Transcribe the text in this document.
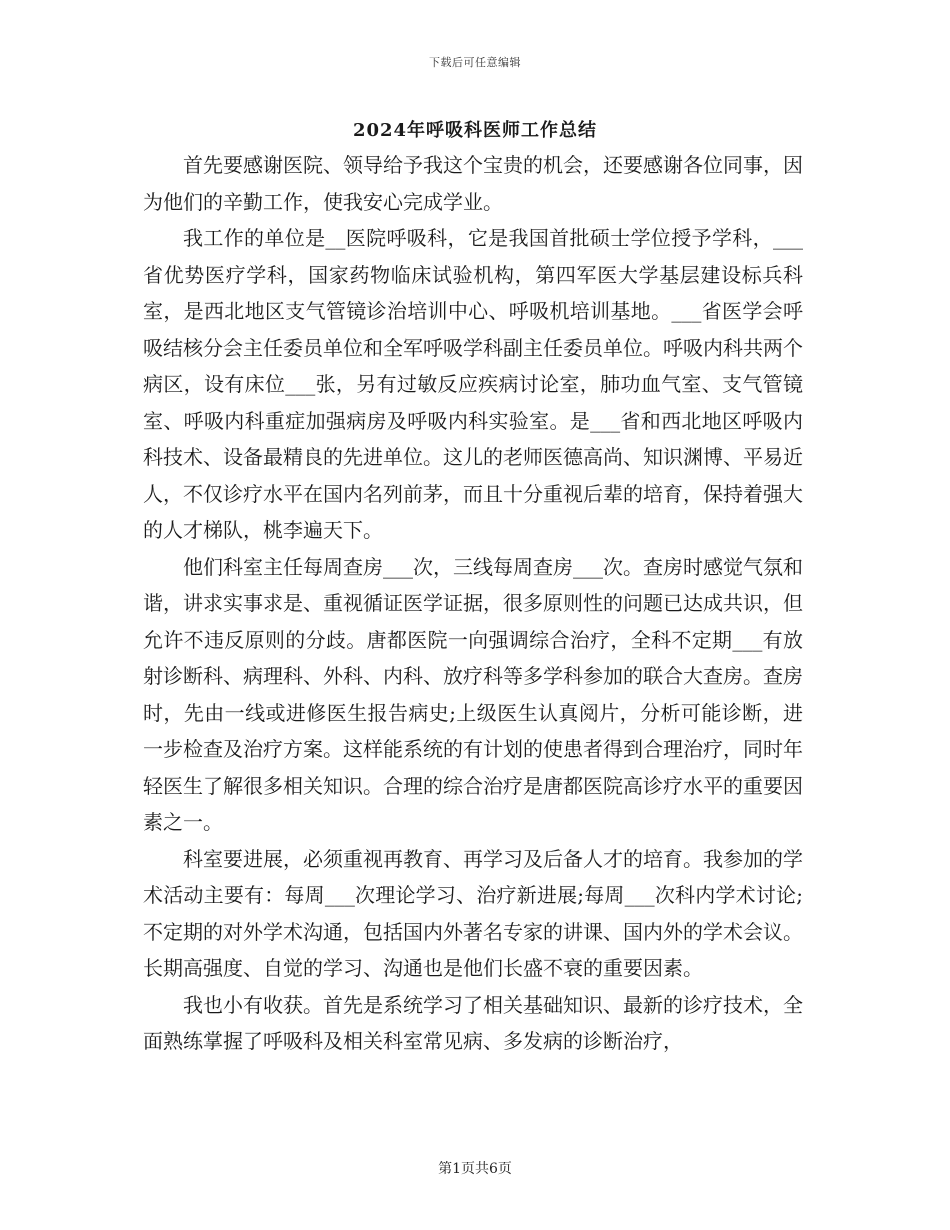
下载后可任意编辑
2024年呼吸科医师工作总结

首先要感谢医院、领导给予我这个宝贵的机会，还要感谢各位同事，因为他们的辛勤工作，使我安心完成学业。

我工作的单位是__医院呼吸科，它是我国首批硕士学位授予学科，___省优势医疗学科，国家药物临床试验机构，第四军医大学基层建设标兵科室，是西北地区支气管镜诊治培训中心、呼吸机培训基地。___省医学会呼吸结核分会主任委员单位和全军呼吸学科副主任委员单位。呼吸内科共两个病区，设有床位___张，另有过敏反应疾病讨论室，肺功血气室、支气管镜室、呼吸内科重症加强病房及呼吸内科实验室。是___省和西北地区呼吸内科技术、设备最精良的先进单位。这儿的老师医德高尚、知识渊博、平易近人，不仅诊疗水平在国内名列前茅，而且十分重视后辈的培育，保持着强大的人才梯队，桃李遍天下。

他们科室主任每周查房___次，三线每周查房___次。查房时感觉气氛和谐，讲求实事求是、重视循证医学证据，很多原则性的问题已达成共识，但允许不违反原则的分歧。唐都医院一向强调综合治疗，全科不定期___有放射诊断科、病理科、外科、内科、放疗科等多学科参加的联合大查房。查房时，先由一线或进修医生报告病史;上级医生认真阅片，分析可能诊断，进一步检查及治疗方案。这样能系统的有计划的使患者得到合理治疗，同时年轻医生了解很多相关知识。合理的综合治疗是唐都医院高诊疗水平的重要因素之一。

科室要进展，必须重视再教育、再学习及后备人才的培育。我参加的学术活动主要有：每周___次理论学习、治疗新进展;每周___次科内学术讨论;不定期的对外学术沟通，包括国内外著名专家的讲课、国内外的学术会议。长期高强度、自觉的学习、沟通也是他们长盛不衰的重要因素。

我也小有收获。首先是系统学习了相关基础知识、最新的诊疗技术，全面熟练掌握了呼吸科及相关科室常见病、多发病的诊断治疗，

第1页共6页
